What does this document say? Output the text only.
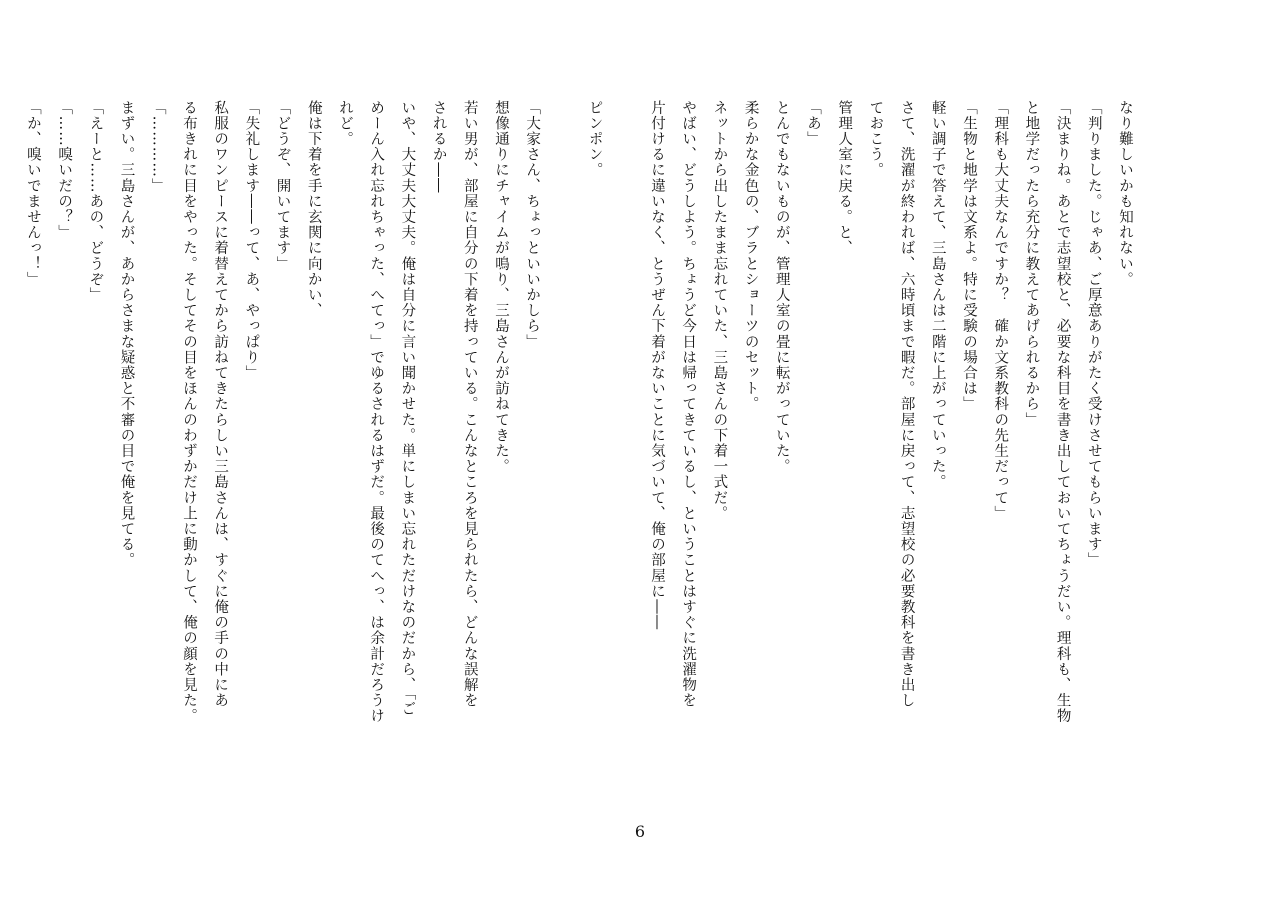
なり難しいかも知れない。

「判りました。じゃあ、ご厚意ありがたく受けさせてもらいます」

「決まりね。あとで志望校と、必要な科目を書き出しておいてちょうだい。理科も、生物

と地学だったら充分に教えてあげられるから」

「理科も大丈夫なんですか？　確か文系教科の先生だって」

「生物と地学は文系よ。特に受験の場合は」

軽い調子で答えて、三島さんは二階に上がっていった。

さて、洗濯が終われば、六時頃まで暇だ。部屋に戻って、志望校の必要教科を書き出し

ておこう。

管理人室に戻る。と、

「あ」

とんでもないものが、管理人室の畳に転がっていた。

柔らかな金色の、ブラとショーツのセット。

ネットから出したまま忘れていた、三島さんの下着一式だ。

やばい、どうしよう。ちょうど今日は帰ってきているし、ということはすぐに洗濯物を

片付けるに違いなく、とうぜん下着がないことに気づいて、俺の部屋に――

ピンポン。

「大家さん、ちょっといいかしら」

想像通りにチャイムが鳴り、三島さんが訪ねてきた。

若い男が、部屋に自分の下着を持っている。こんなところを見られたら、どんな誤解を

されるか――

いや、大丈夫大丈夫。俺は自分に言い聞かせた。単にしまい忘れただけなのだから、「ご

めーん入れ忘れちゃった、へてっ」でゆるされるはずだ。最後のてへっ、は余計だろうけ

れど。

俺は下着を手に玄関に向かい、

「どうぞ、開いてます」

「失礼します――って、あ、やっぱり」

私服のワンピースに着替えてから訪ねてきたらしい三島さんは、すぐに俺の手の中にあ

る布きれに目をやった。そしてその目をほんのわずかだけ上に動かして、俺の顔を見た。

「…………」

まずい。三島さんが、あからさまな疑惑と不審の目で俺を見てる。

「えーと……あの、どうぞ」

「……嗅いだの？」

「か、嗅いでませんっ！」

6
